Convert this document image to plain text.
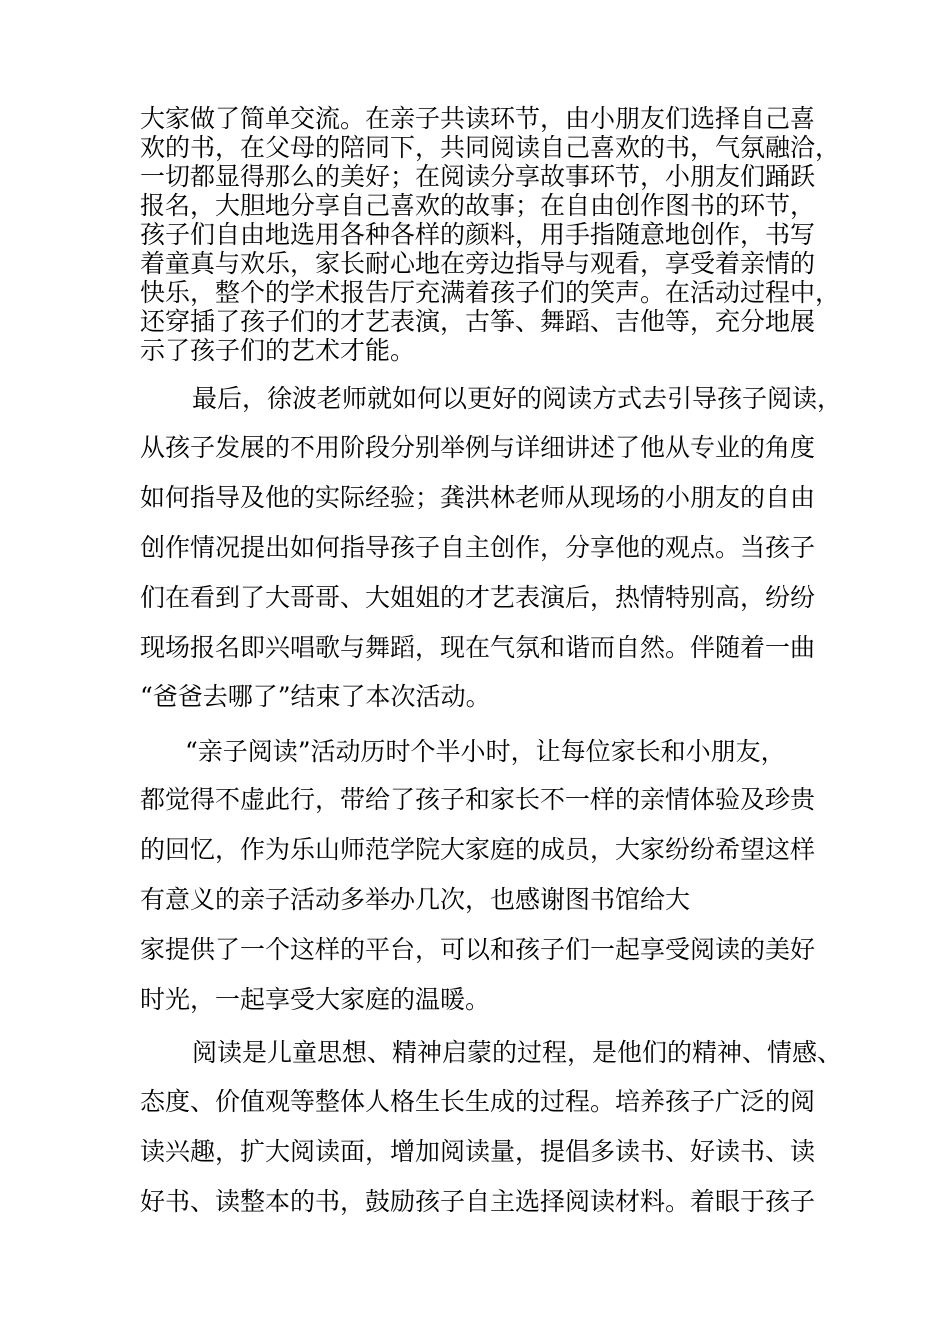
大家做了简单交流。在亲子共读环节，由小朋友们选择自己喜
欢的书，在父母的陪同下，共同阅读自己喜欢的书，气氛融洽，
一切都显得那么的美好；在阅读分享故事环节，小朋友们踊跃
报名，大胆地分享自己喜欢的故事；在自由创作图书的环节，
孩子们自由地选用各种各样的颜料，用手指随意地创作，书写
着童真与欢乐，家长耐心地在旁边指导与观看，享受着亲情的
快乐，整个的学术报告厅充满着孩子们的笑声。在活动过程中，
还穿插了孩子们的才艺表演，古筝、舞蹈、吉他等，充分地展
示了孩子们的艺术才能。
最后，徐波老师就如何以更好的阅读方式去引导孩子阅读，
从孩子发展的不用阶段分别举例与详细讲述了他从专业的角度
如何指导及他的实际经验；龚洪林老师从现场的小朋友的自由
创作情况提出如何指导孩子自主创作，分享他的观点。当孩子
们在看到了大哥哥、大姐姐的才艺表演后，热情特别高，纷纷
现场报名即兴唱歌与舞蹈，现在气氛和谐而自然。伴随着一曲
“爸爸去哪了”结束了本次活动。
“亲子阅读”活动历时个半小时，让每位家长和小朋友，
都觉得不虚此行，带给了孩子和家长不一样的亲情体验及珍贵
的回忆，作为乐山师范学院大家庭的成员，大家纷纷希望这样
有意义的亲子活动多举办几次，也感谢图书馆给大
家提供了一个这样的平台，可以和孩子们一起享受阅读的美好
时光，一起享受大家庭的温暖。
阅读是儿童思想、精神启蒙的过程，是他们的精神、情感、
态度、价值观等整体人格生长生成的过程。培养孩子广泛的阅
读兴趣，扩大阅读面，增加阅读量，提倡多读书、好读书、读
好书、读整本的书，鼓励孩子自主选择阅读材料。着眼于孩子
